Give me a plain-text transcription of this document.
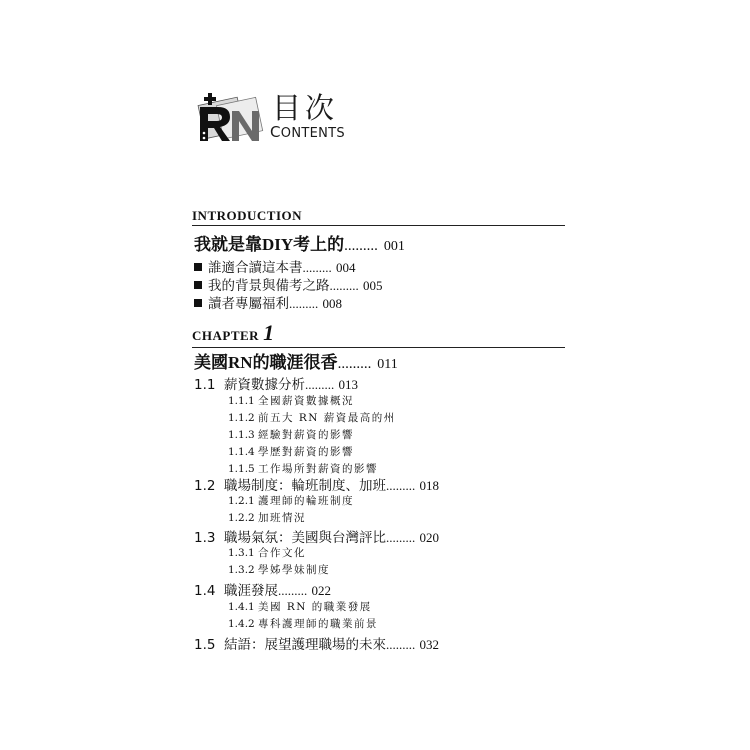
目次
CONTENTS
INTRODUCTION
我就是靠DIY考上的......... 001
誰適合讀這本書......... 004
我的背景與備考之路......... 005
讀者專屬福利......... 008
CHAPTER 1
美國RN的職涯很香......... 011
1.1 薪資數據分析......... 013
1.1.1 全國薪資數據概況
1.1.2 前五大 RN 薪資最高的州
1.1.3 經驗對薪資的影響
1.1.4 學歷對薪資的影響
1.1.5 工作場所對薪資的影響
1.2 職場制度：輪班制度、加班......... 018
1.2.1 護理師的輪班制度
1.2.2 加班情況
1.3 職場氣氛：美國與台灣評比......... 020
1.3.1 合作文化
1.3.2 學姊學妹制度
1.4 職涯發展......... 022
1.4.1 美國 RN 的職業發展
1.4.2 專科護理師的職業前景
1.5 結語：展望護理職場的未來......... 032
